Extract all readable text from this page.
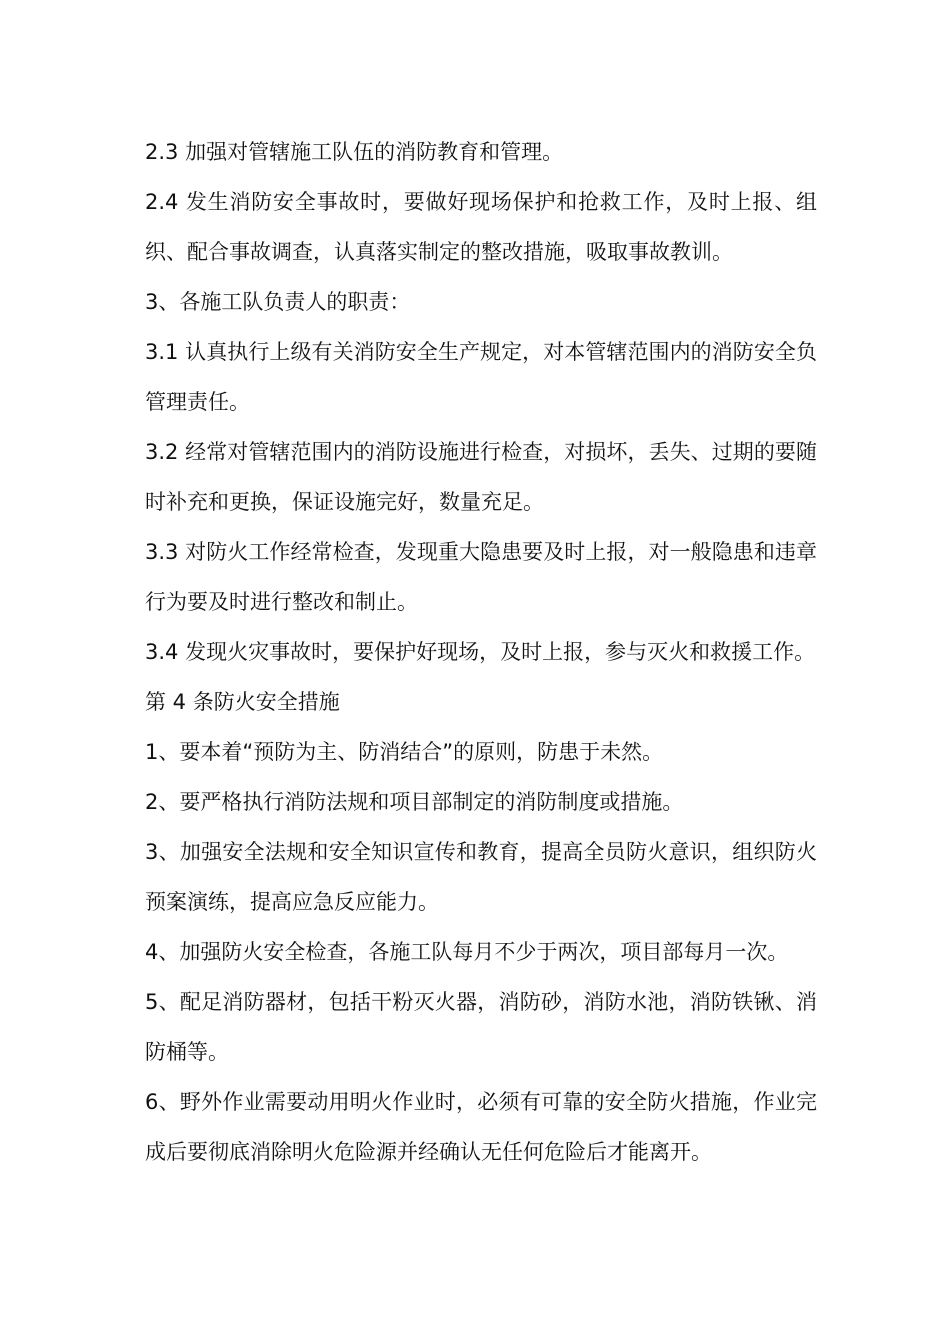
2.3 加强对管辖施工队伍的消防教育和管理。

2.4 发生消防安全事故时，要做好现场保护和抢救工作，及时上报、组织、配合事故调查，认真落实制定的整改措施，吸取事故教训。

3、各施工队负责人的职责：

3.1 认真执行上级有关消防安全生产规定，对本管辖范围内的消防安全负管理责任。

3.2 经常对管辖范围内的消防设施进行检查，对损坏，丢失、过期的要随时补充和更换，保证设施完好，数量充足。

3.3 对防火工作经常检查，发现重大隐患要及时上报，对一般隐患和违章行为要及时进行整改和制止。

3.4 发现火灾事故时，要保护好现场，及时上报，参与灭火和救援工作。

第 4 条防火安全措施

1、要本着“预防为主、防消结合”的原则，防患于未然。

2、要严格执行消防法规和项目部制定的消防制度或措施。

3、加强安全法规和安全知识宣传和教育，提高全员防火意识，组织防火预案演练，提高应急反应能力。

4、加强防火安全检查，各施工队每月不少于两次，项目部每月一次。

5、配足消防器材，包括干粉灭火器，消防砂，消防水池，消防铁锹、消防桶等。

6、野外作业需要动用明火作业时，必须有可靠的安全防火措施，作业完成后要彻底消除明火危险源并经确认无任何危险后才能离开。
